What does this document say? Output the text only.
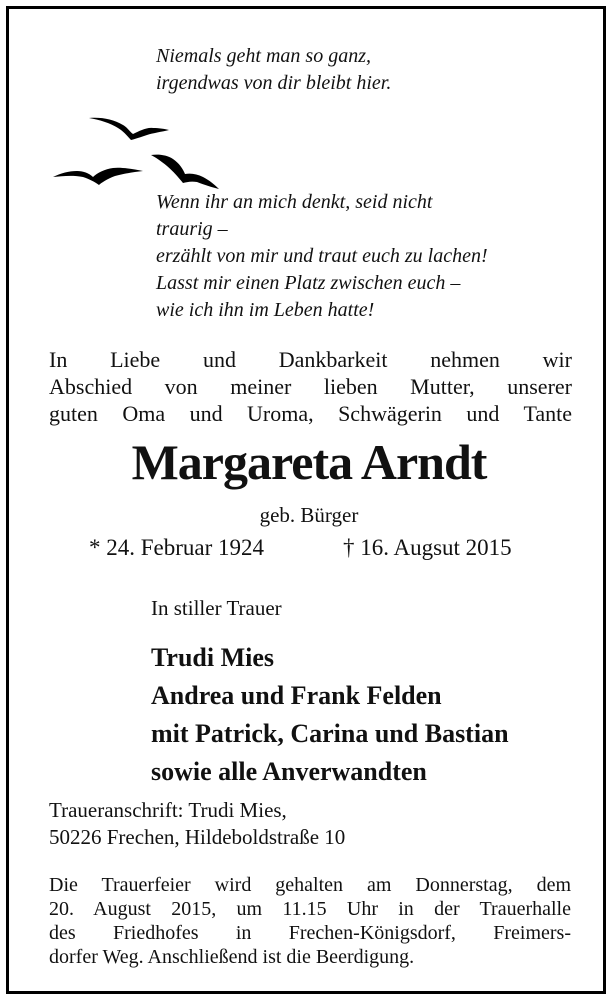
Niemals geht man so ganz,
irgendwas von dir bleibt hier.
Wenn ihr an mich denkt, seid nicht
traurig –
erzählt von mir und traut euch zu lachen!
Lasst mir einen Platz zwischen euch –
wie ich ihn im Leben hatte!
In Liebe und Dankbarkeit nehmen wir
Abschied von meiner lieben Mutter, unserer
guten Oma und Uroma, Schwägerin und Tante
Margareta Arndt
geb. Bürger
* 24. Februar 1924	† 16. Augsut 2015
In stiller Trauer
Trudi Mies
Andrea und Frank Felden
mit Patrick, Carina und Bastian
sowie alle Anverwandten
Traueranschrift: Trudi Mies,
50226 Frechen, Hildeboldstraße 10
Die Trauerfeier wird gehalten am Donnerstag, dem
20. August 2015, um 11.15 Uhr in der Trauerhalle
des Friedhofes in Frechen-Königsdorf, Freimers-
dorfer Weg. Anschließend ist die Beerdigung.
